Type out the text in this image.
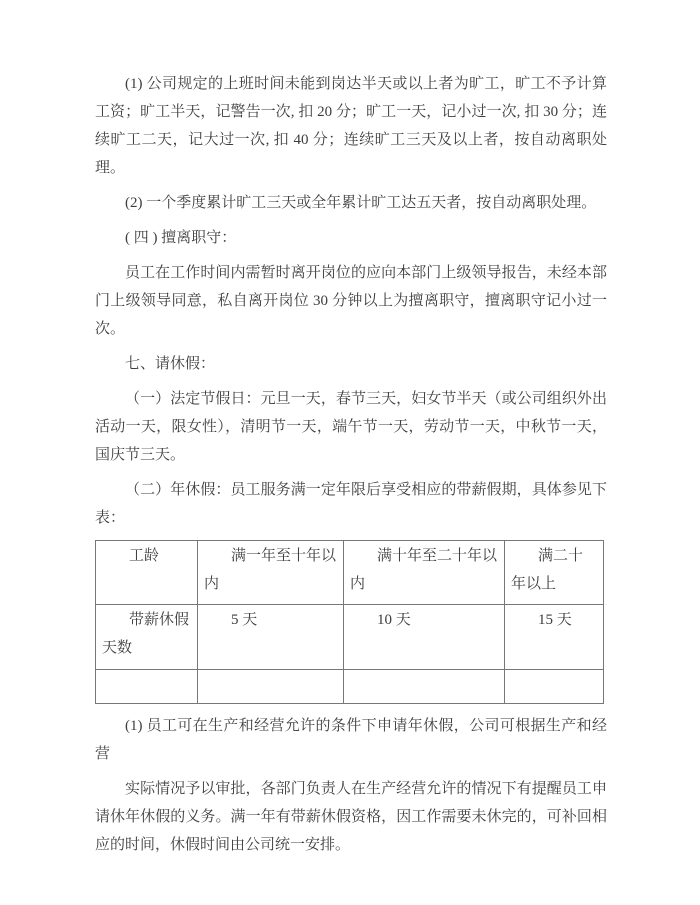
(1) 公司规定的上班时间未能到岗达半天或以上者为旷工，旷工不予计算工资；旷工半天，记警告一次, 扣 20 分；旷工一天，记小过一次, 扣 30 分；连续旷工二天，记大过一次, 扣 40 分；连续旷工三天及以上者，按自动离职处理。

(2) 一个季度累计旷工三天或全年累计旷工达五天者，按自动离职处理。

( 四 ) 擅离职守：

员工在工作时间内需暂时离开岗位的应向本部门上级领导报告，未经本部门上级领导同意，私自离开岗位 30 分钟以上为擅离职守，擅离职守记小过一次。

七、请休假：

（一）法定节假日：元旦一天，春节三天，妇女节半天（或公司组织外出活动一天，限女性），清明节一天，端午节一天，劳动节一天，中秋节一天，国庆节三天。

（二）年休假：员工服务满一定年限后享受相应的带薪假期，具体参见下表：

工龄	满一年至十年以内	满十年至二十年以内	满二十年以上
带薪休假天数	5 天	10 天	15 天

(1) 员工可在生产和经营允许的条件下申请年休假，公司可根据生产和经营

实际情况予以审批，各部门负责人在生产经营允许的情况下有提醒员工申请休年休假的义务。满一年有带薪休假资格，因工作需要未休完的，可补回相应的时间，休假时间由公司统一安排。
